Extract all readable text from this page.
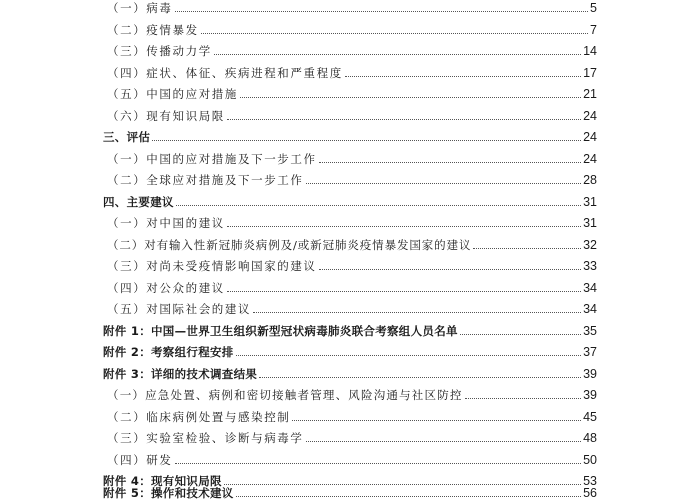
（一）病毒	5
（二）疫情暴发	7
（三）传播动力学	14
（四）症状、体征、疾病进程和严重程度	17
（五）中国的应对措施	21
（六）现有知识局限	24
三、评估	24
（一）中国的应对措施及下一步工作	24
（二）全球应对措施及下一步工作	28
四、主要建议	31
（一）对中国的建议	31
（二）对有输入性新冠肺炎病例及/或新冠肺炎疫情暴发国家的建议	32
（三）对尚未受疫情影响国家的建议	33
（四）对公众的建议	34
（五）对国际社会的建议	34
附件 1：中国—世界卫生组织新型冠状病毒肺炎联合考察组人员名单	35
附件 2：考察组行程安排	37
附件 3：详细的技术调查结果	39
（一）应急处置、病例和密切接触者管理、风险沟通与社区防控	39
（二）临床病例处置与感染控制	45
（三）实验室检验、诊断与病毒学	48
（四）研发	50
附件 4：现有知识局限	53
附件 5：操作和技术建议	56
